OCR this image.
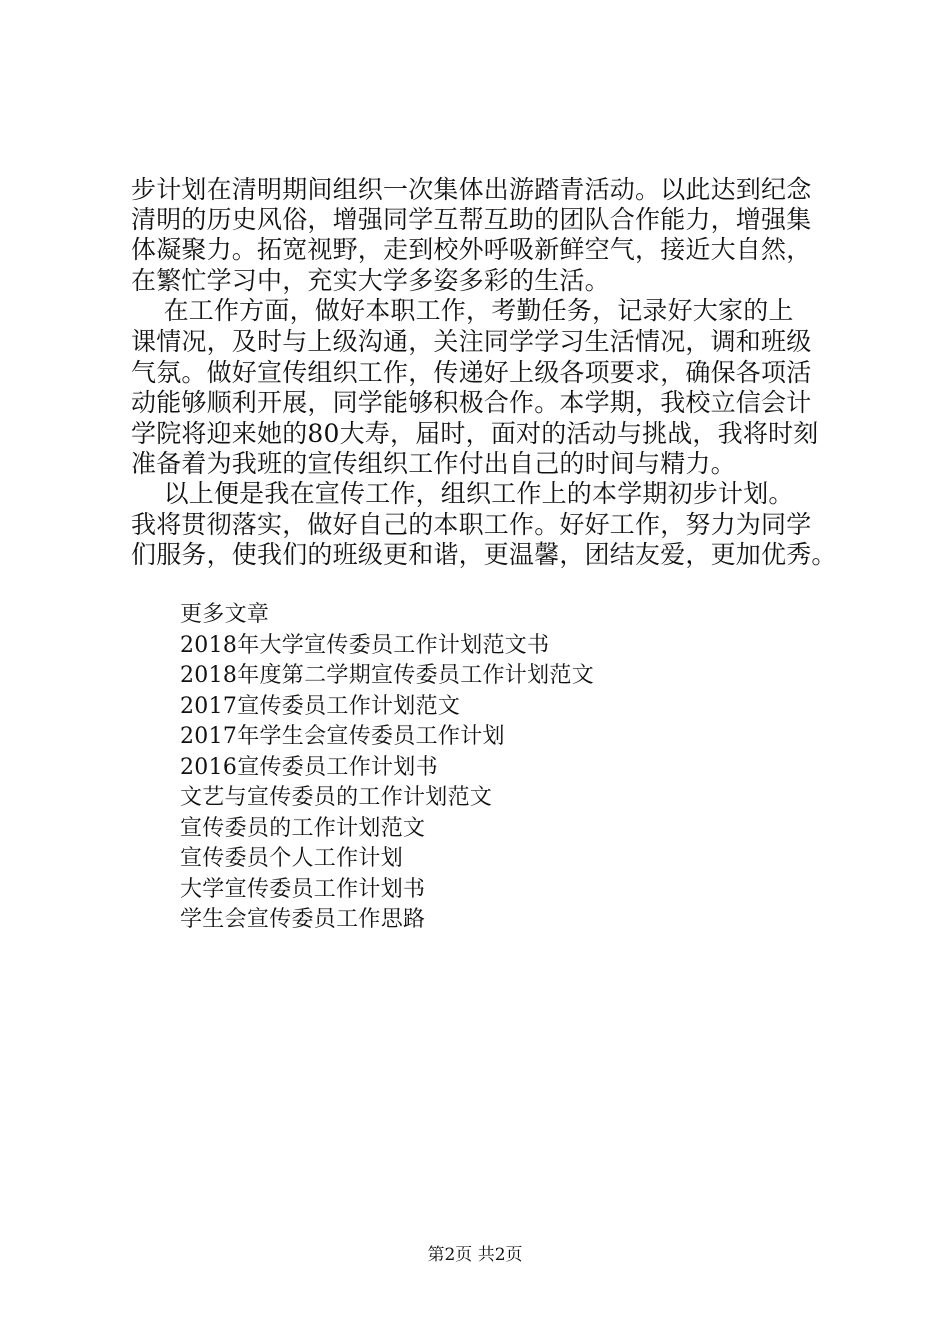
步计划在清明期间组织一次集体出游踏青活动。以此达到纪念
清明的历史风俗，增强同学互帮互助的团队合作能力，增强集
体凝聚力。拓宽视野，走到校外呼吸新鲜空气，接近大自然，
在繁忙学习中，充实大学多姿多彩的生活。
在工作方面，做好本职工作，考勤任务，记录好大家的上
课情况，及时与上级沟通，关注同学学习生活情况，调和班级
气氛。做好宣传组织工作，传递好上级各项要求，确保各项活
动能够顺利开展，同学能够积极合作。本学期，我校立信会计
学院将迎来她的80大寿，届时，面对的活动与挑战，我将时刻
准备着为我班的宣传组织工作付出自己的时间与精力。
以上便是我在宣传工作，组织工作上的本学期初步计划。
我将贯彻落实，做好自己的本职工作。好好工作，努力为同学
们服务，使我们的班级更和谐，更温馨，团结友爱，更加优秀。
更多文章
2018年大学宣传委员工作计划范文书
2018年度第二学期宣传委员工作计划范文
2017宣传委员工作计划范文
2017年学生会宣传委员工作计划
2016宣传委员工作计划书
文艺与宣传委员的工作计划范文
宣传委员的工作计划范文
宣传委员个人工作计划
大学宣传委员工作计划书
学生会宣传委员工作思路
第2页 共2页
